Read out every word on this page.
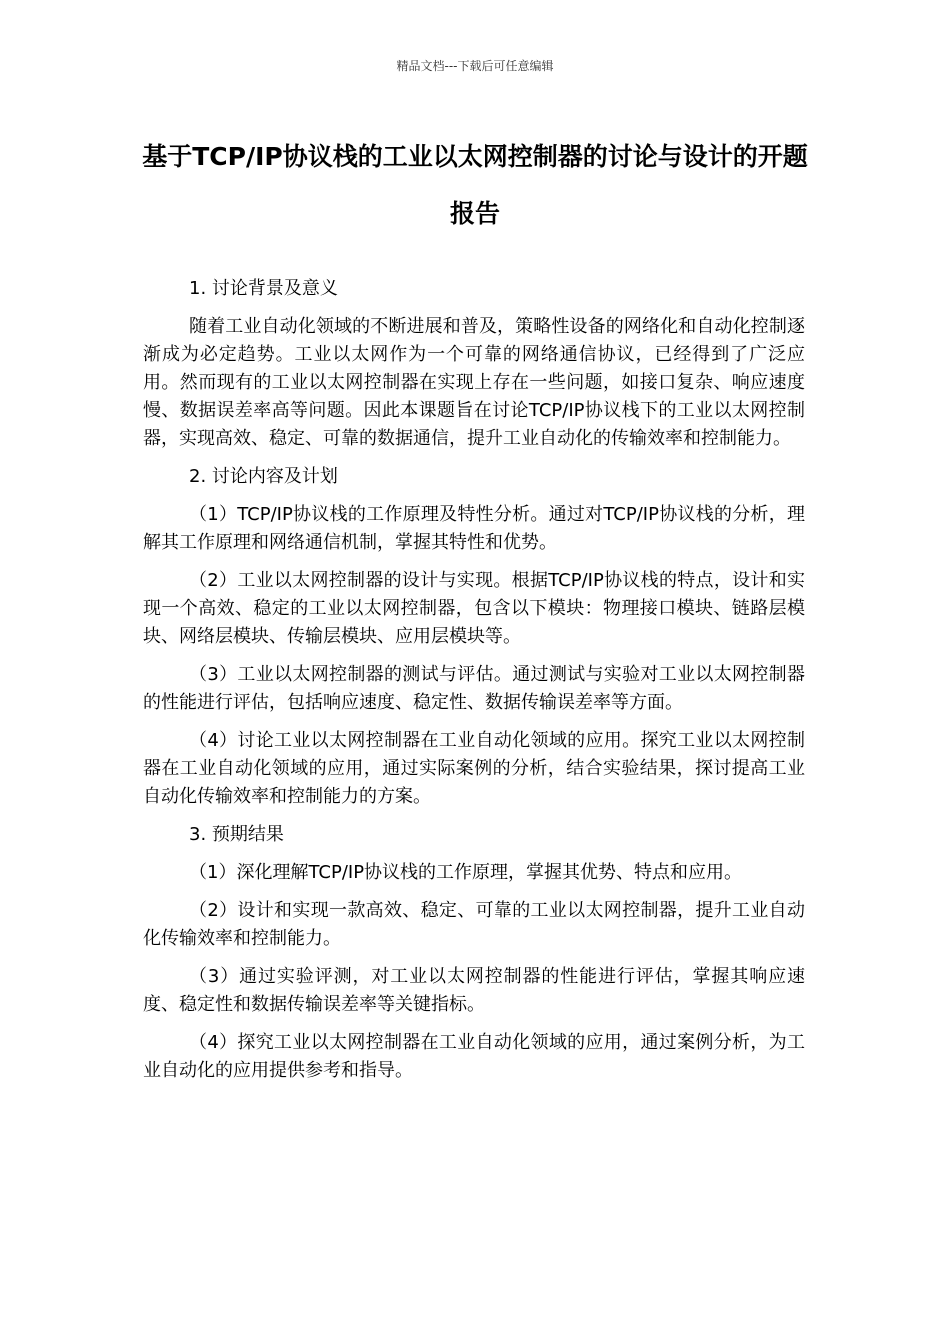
精品文档---下载后可任意编辑
基于TCP/IP协议栈的工业以太网控制器的讨论与设计的开题报告

1. 讨论背景及意义

随着工业自动化领域的不断进展和普及，策略性设备的网络化和自动化控制逐渐成为必定趋势。工业以太网作为一个可靠的网络通信协议，已经得到了广泛应用。然而现有的工业以太网控制器在实现上存在一些问题，如接口复杂、响应速度慢、数据误差率高等问题。因此本课题旨在讨论TCP/IP协议栈下的工业以太网控制器，实现高效、稳定、可靠的数据通信，提升工业自动化的传输效率和控制能力。

2. 讨论内容及计划

（1）TCP/IP协议栈的工作原理及特性分析。通过对TCP/IP协议栈的分析，理解其工作原理和网络通信机制，掌握其特性和优势。

（2）工业以太网控制器的设计与实现。根据TCP/IP协议栈的特点，设计和实现一个高效、稳定的工业以太网控制器，包含以下模块：物理接口模块、链路层模块、网络层模块、传输层模块、应用层模块等。

（3）工业以太网控制器的测试与评估。通过测试与实验对工业以太网控制器的性能进行评估，包括响应速度、稳定性、数据传输误差率等方面。

（4）讨论工业以太网控制器在工业自动化领域的应用。探究工业以太网控制器在工业自动化领域的应用，通过实际案例的分析，结合实验结果，探讨提高工业自动化传输效率和控制能力的方案。

3. 预期结果

（1）深化理解TCP/IP协议栈的工作原理，掌握其优势、特点和应用。

（2）设计和实现一款高效、稳定、可靠的工业以太网控制器，提升工业自动化传输效率和控制能力。

（3）通过实验评测，对工业以太网控制器的性能进行评估，掌握其响应速度、稳定性和数据传输误差率等关键指标。

（4）探究工业以太网控制器在工业自动化领域的应用，通过案例分析，为工业自动化的应用提供参考和指导。
